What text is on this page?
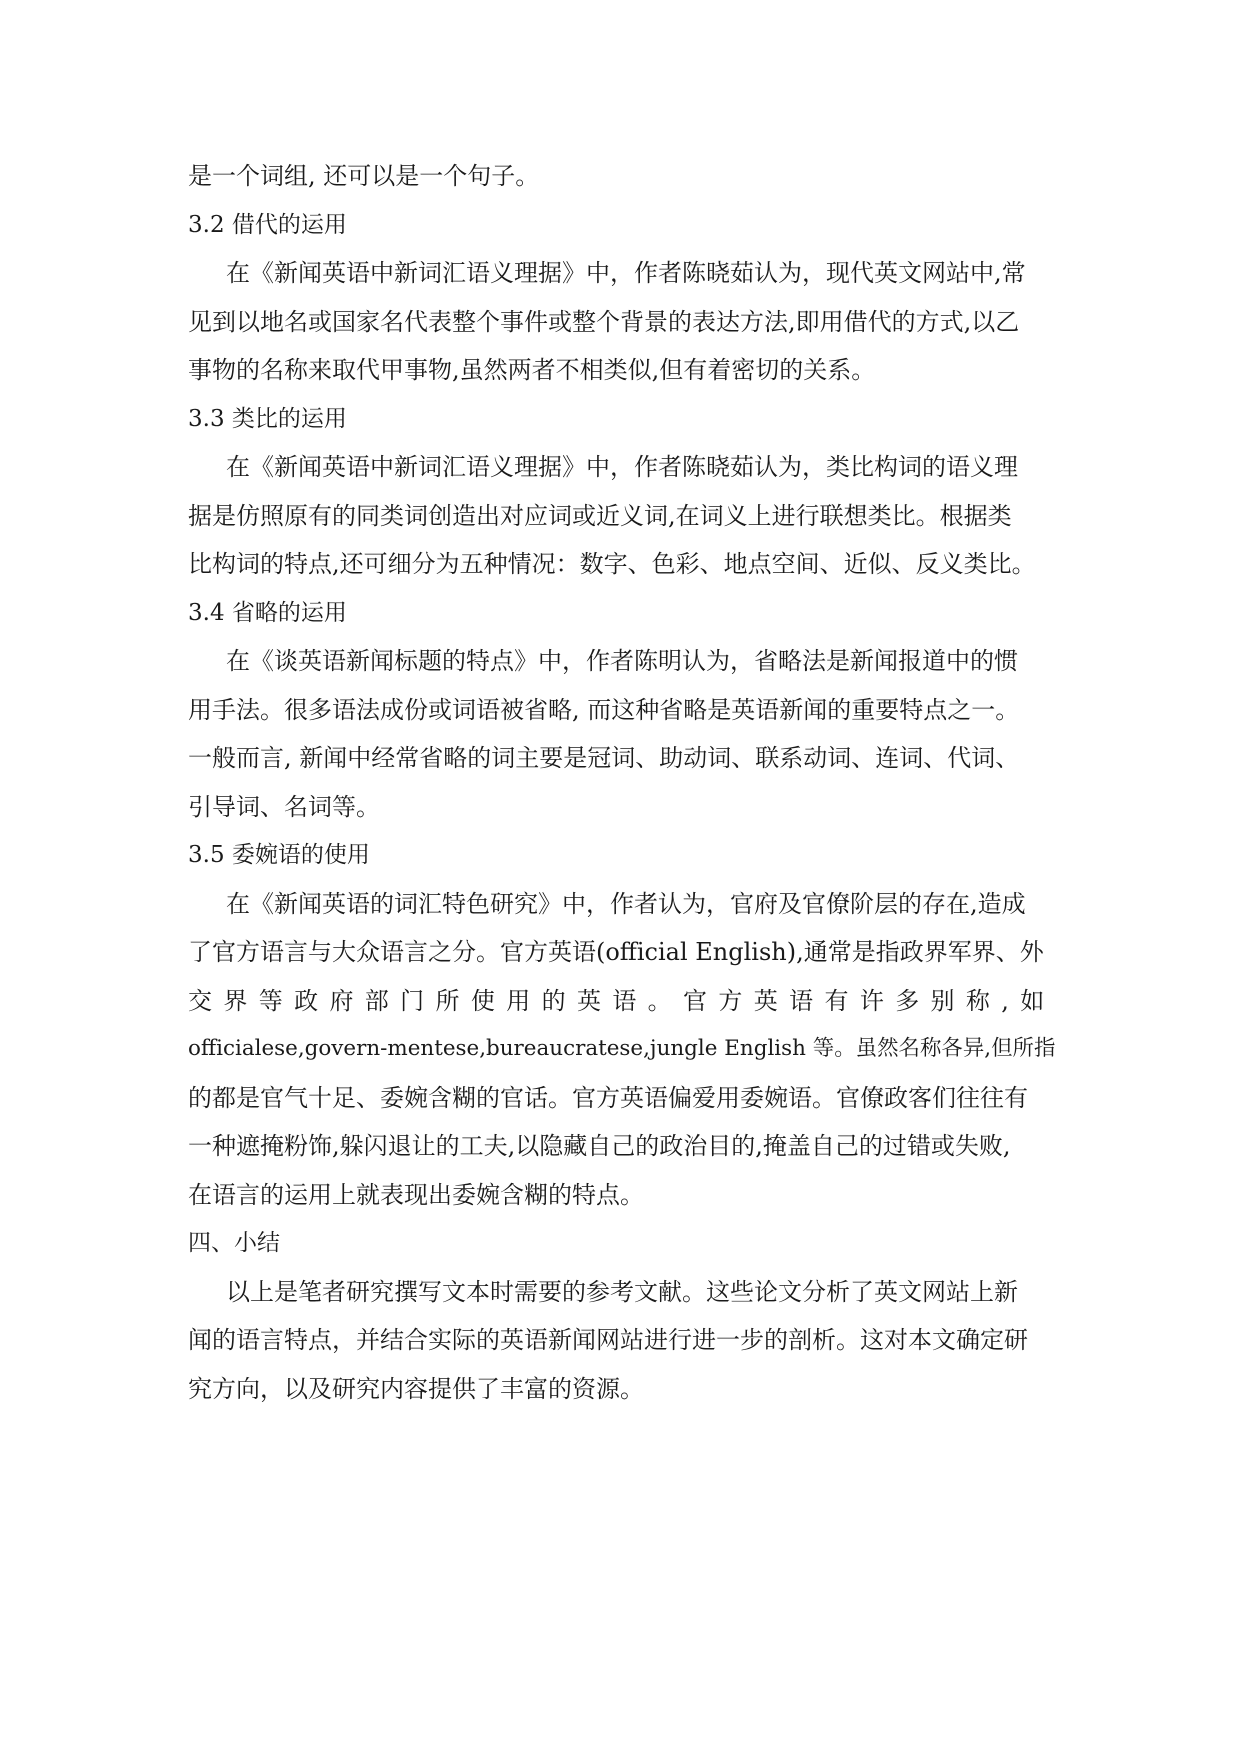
是一个词组, 还可以是一个句子。
3.2 借代的运用
在《新闻英语中新词汇语义理据》中，作者陈晓茹认为，现代英文网站中,常
见到以地名或国家名代表整个事件或整个背景的表达方法,即用借代的方式,以乙
事物的名称来取代甲事物,虽然两者不相类似,但有着密切的关系。
3.3 类比的运用
在《新闻英语中新词汇语义理据》中，作者陈晓茹认为，类比构词的语义理
据是仿照原有的同类词创造出对应词或近义词,在词义上进行联想类比。根据类
比构词的特点,还可细分为五种情况：数字、色彩、地点空间、近似、反义类比。
3.4 省略的运用
在《谈英语新闻标题的特点》中，作者陈明认为，省略法是新闻报道中的惯
用手法。很多语法成份或词语被省略, 而这种省略是英语新闻的重要特点之一。
一般而言, 新闻中经常省略的词主要是冠词、助动词、联系动词、连词、代词、
引导词、名词等。
3.5 委婉语的使用
在《新闻英语的词汇特色研究》中，作者认为，官府及官僚阶层的存在,造成
了官方语言与大众语言之分。官方英语(official English),通常是指政界军界、外
交界等政府部门所使用的英语。官方英语有许多别称,如
officialese,govern-mentese,bureaucratese,jungle English 等。虽然名称各异,但所指
的都是官气十足、委婉含糊的官话。官方英语偏爱用委婉语。官僚政客们往往有
一种遮掩粉饰,躲闪退让的工夫,以隐藏自己的政治目的,掩盖自己的过错或失败,
在语言的运用上就表现出委婉含糊的特点。
四、小结
以上是笔者研究撰写文本时需要的参考文献。这些论文分析了英文网站上新
闻的语言特点，并结合实际的英语新闻网站进行进一步的剖析。这对本文确定研
究方向，以及研究内容提供了丰富的资源。
